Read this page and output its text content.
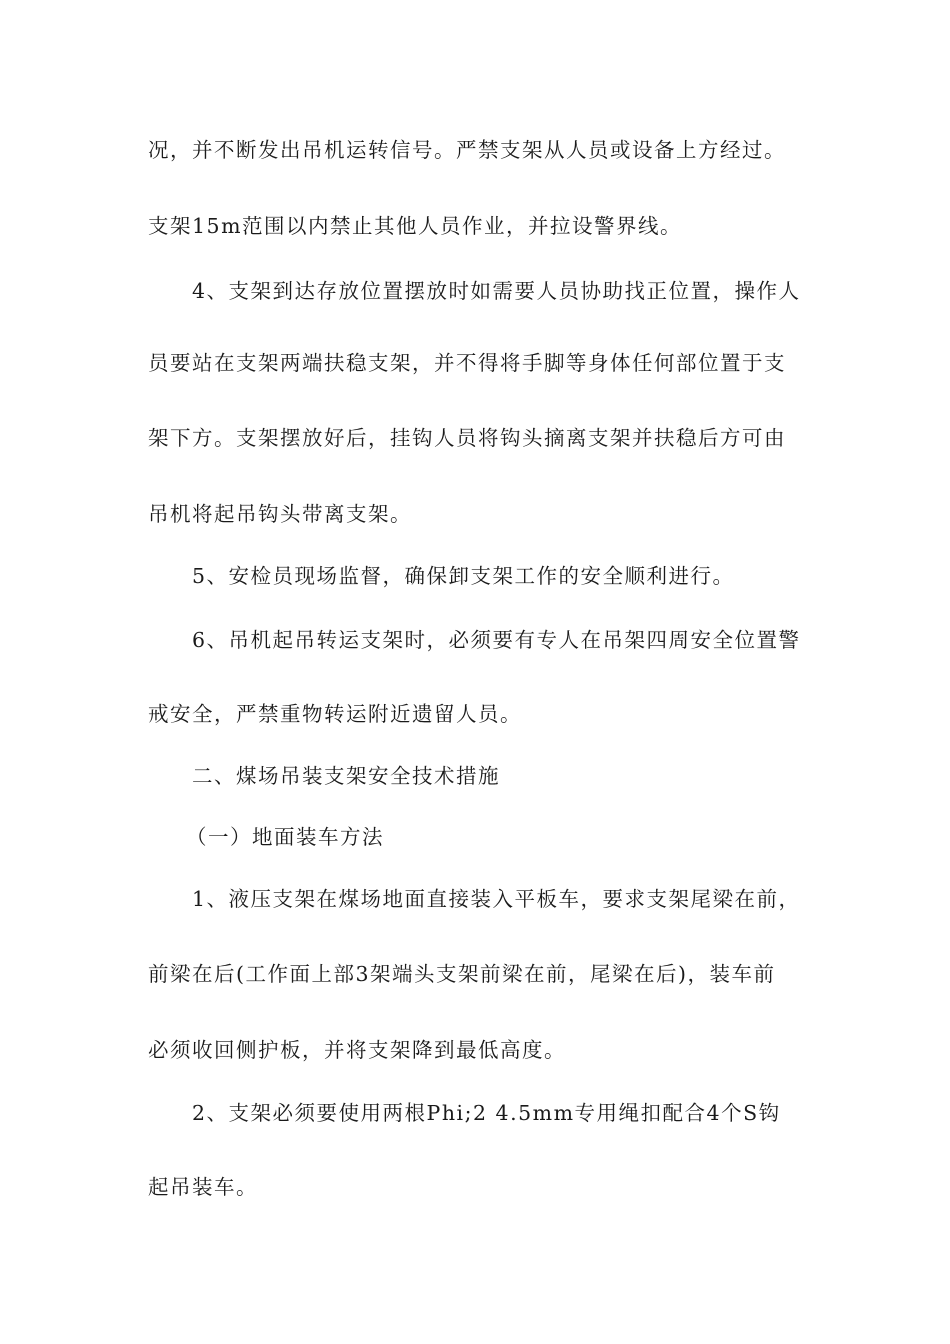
况，并不断发出吊机运转信号。严禁支架从人员或设备上方经过。
支架15m范围以内禁止其他人员作业，并拉设警界线。
4、支架到达存放位置摆放时如需要人员协助找正位置，操作人
员要站在支架两端扶稳支架，并不得将手脚等身体任何部位置于支
架下方。支架摆放好后，挂钩人员将钩头摘离支架并扶稳后方可由
吊机将起吊钩头带离支架。
5、安检员现场监督，确保卸支架工作的安全顺利进行。
6、吊机起吊转运支架时，必须要有专人在吊架四周安全位置警
戒安全，严禁重物转运附近遗留人员。
二、煤场吊装支架安全技术措施
（一）地面装车方法
1、液压支架在煤场地面直接装入平板车，要求支架尾梁在前，
前梁在后(工作面上部3架端头支架前梁在前，尾梁在后)，装车前
必须收回侧护板，并将支架降到最低高度。
2、支架必须要使用两根Phi;2 4.5mm专用绳扣配合4个S钩
起吊装车。
